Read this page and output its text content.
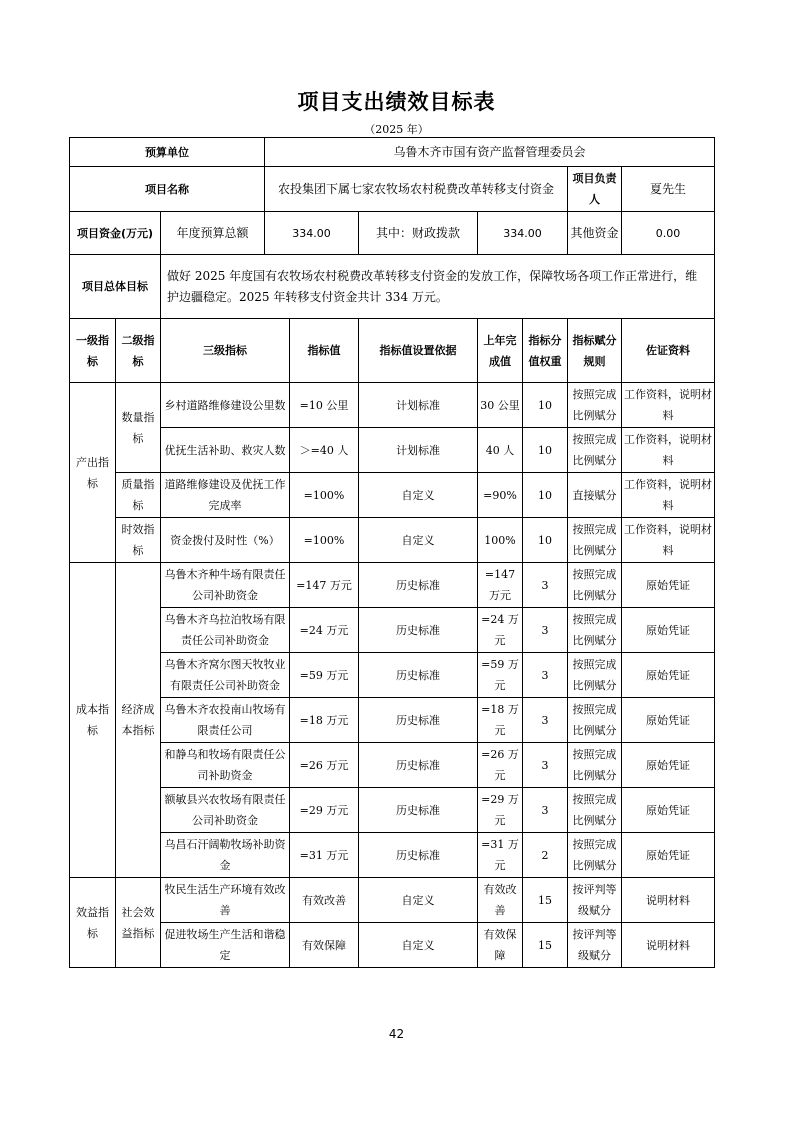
项目支出绩效目标表
（2025 年）
预算单位			乌鲁木齐市国有资产监督管理委员会						
项目名称			农投集团下属七家农牧场农村税费改革转移支付资金					项目负责人	夏先生
项目资金(万元)		年度预算总额	334.00		其中：财政拨款	334.00		其他资金	0.00
项目总体目标		做好 2025 年度国有农牧场农村税费改革转移支付资金的发放工作，保障牧场各项工作正常进行，维护边疆稳定。2025 年转移支付资金共计 334 万元。							
一级指标	二级指标	三级指标		指标值	指标值设置依据	上年完成值	指标分值权重	指标赋分规则	佐证资料
产出指标	数量指标	乡村道路维修建设公里数		=10 公里	计划标准	30 公里	10	按照完成比例赋分	工作资料，说明材料
		优抚生活补助、救灾人数		＞=40 人	计划标准	40 人	10	按照完成比例赋分	工作资料，说明材料
	质量指标	道路维修建设及优抚工作完成率		=100%	自定义	=90%	10	直接赋分	工作资料，说明材料
	时效指标	资金拨付及时性（%）		=100%	自定义	100%	10	按照完成比例赋分	工作资料，说明材料
成本指标	经济成本指标	乌鲁木齐种牛场有限责任公司补助资金		=147 万元	历史标准	=147 万元	3	按照完成比例赋分	原始凭证
		乌鲁木齐乌拉泊牧场有限责任公司补助资金		=24 万元	历史标准	=24 万元	3	按照完成比例赋分	原始凭证
		乌鲁木齐窝尔图天牧牧业有限责任公司补助资金		=59 万元	历史标准	=59 万元	3	按照完成比例赋分	原始凭证
		乌鲁木齐农投南山牧场有限责任公司		=18 万元	历史标准	=18 万元	3	按照完成比例赋分	原始凭证
		和静乌和牧场有限责任公司补助资金		=26 万元	历史标准	=26 万元	3	按照完成比例赋分	原始凭证
		额敏县兴农牧场有限责任公司补助资金		=29 万元	历史标准	=29 万元	3	按照完成比例赋分	原始凭证
		乌昌石汗阔勒牧场补助资金		=31 万元	历史标准	=31 万元	2	按照完成比例赋分	原始凭证
效益指标	社会效益指标	牧民生活生产环境有效改善		有效改善	自定义	有效改善	15	按评判等级赋分	说明材料
		促进牧场生产生活和谐稳定		有效保障	自定义	有效保障	15	按评判等级赋分	说明材料
42
